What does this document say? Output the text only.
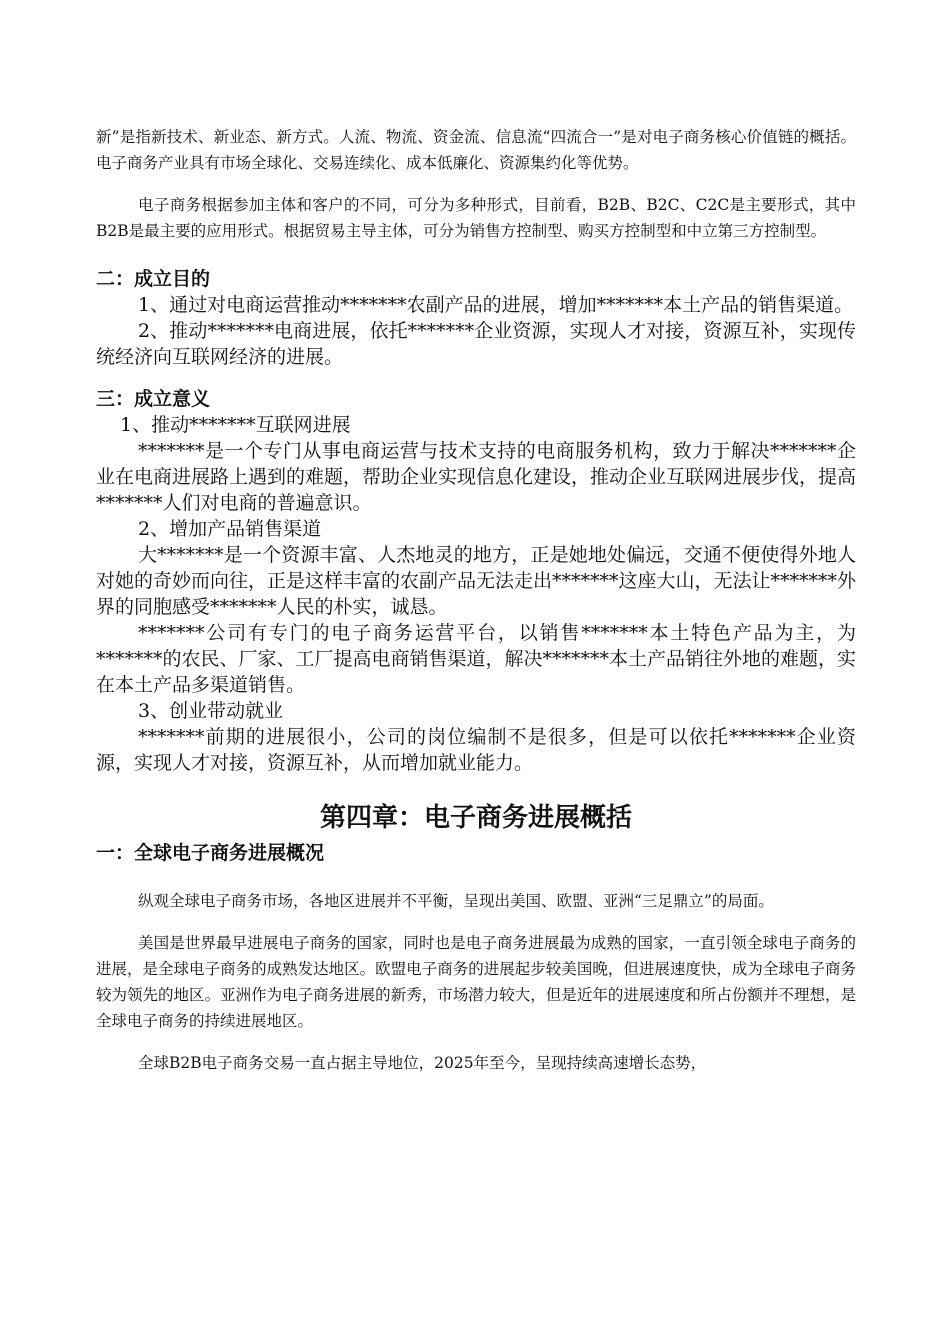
新”是指新技术、新业态、新方式。人流、物流、资金流、信息流“四流合一”是对电子商务核心价值链的概括。电子商务产业具有市场全球化、交易连续化、成本低廉化、资源集约化等优势。

电子商务根据参加主体和客户的不同，可分为多种形式，目前看，B2B、B2C、C2C是主要形式，其中B2B是最主要的应用形式。根据贸易主导主体，可分为销售方控制型、购买方控制型和中立第三方控制型。

二：成立目的

1、通过对电商运营推动*******农副产品的进展，增加*******本土产品的销售渠道。

2、推动*******电商进展，依托*******企业资源，实现人才对接，资源互补，实现传统经济向互联网经济的进展。

三：成立意义

1、推动*******互联网进展

*******是一个专门从事电商运营与技术支持的电商服务机构，致力于解决*******企业在电商进展路上遇到的难题，帮助企业实现信息化建设，推动企业互联网进展步伐，提高*******人们对电商的普遍意识。

2、增加产品销售渠道

大*******是一个资源丰富、人杰地灵的地方，正是她地处偏远，交通不便使得外地人对她的奇妙而向往，正是这样丰富的农副产品无法走出*******这座大山，无法让*******外界的同胞感受*******人民的朴实，诚恳。

*******公司有专门的电子商务运营平台，以销售*******本土特色产品为主，为*******的农民、厂家、工厂提高电商销售渠道，解决*******本土产品销往外地的难题，实在本土产品多渠道销售。

3、创业带动就业

*******前期的进展很小，公司的岗位编制不是很多，但是可以依托*******企业资源，实现人才对接，资源互补，从而增加就业能力。

第四章：电子商务进展概括
一：全球电子商务进展概况

纵观全球电子商务市场，各地区进展并不平衡，呈现出美国、欧盟、亚洲“三足鼎立”的局面。

美国是世界最早进展电子商务的国家，同时也是电子商务进展最为成熟的国家，一直引领全球电子商务的进展，是全球电子商务的成熟发达地区。欧盟电子商务的进展起步较美国晚，但进展速度快，成为全球电子商务较为领先的地区。亚洲作为电子商务进展的新秀，市场潜力较大，但是近年的进展速度和所占份额并不理想，是全球电子商务的持续进展地区。

全球B2B电子商务交易一直占据主导地位，2025年至今，呈现持续高速增长态势，
